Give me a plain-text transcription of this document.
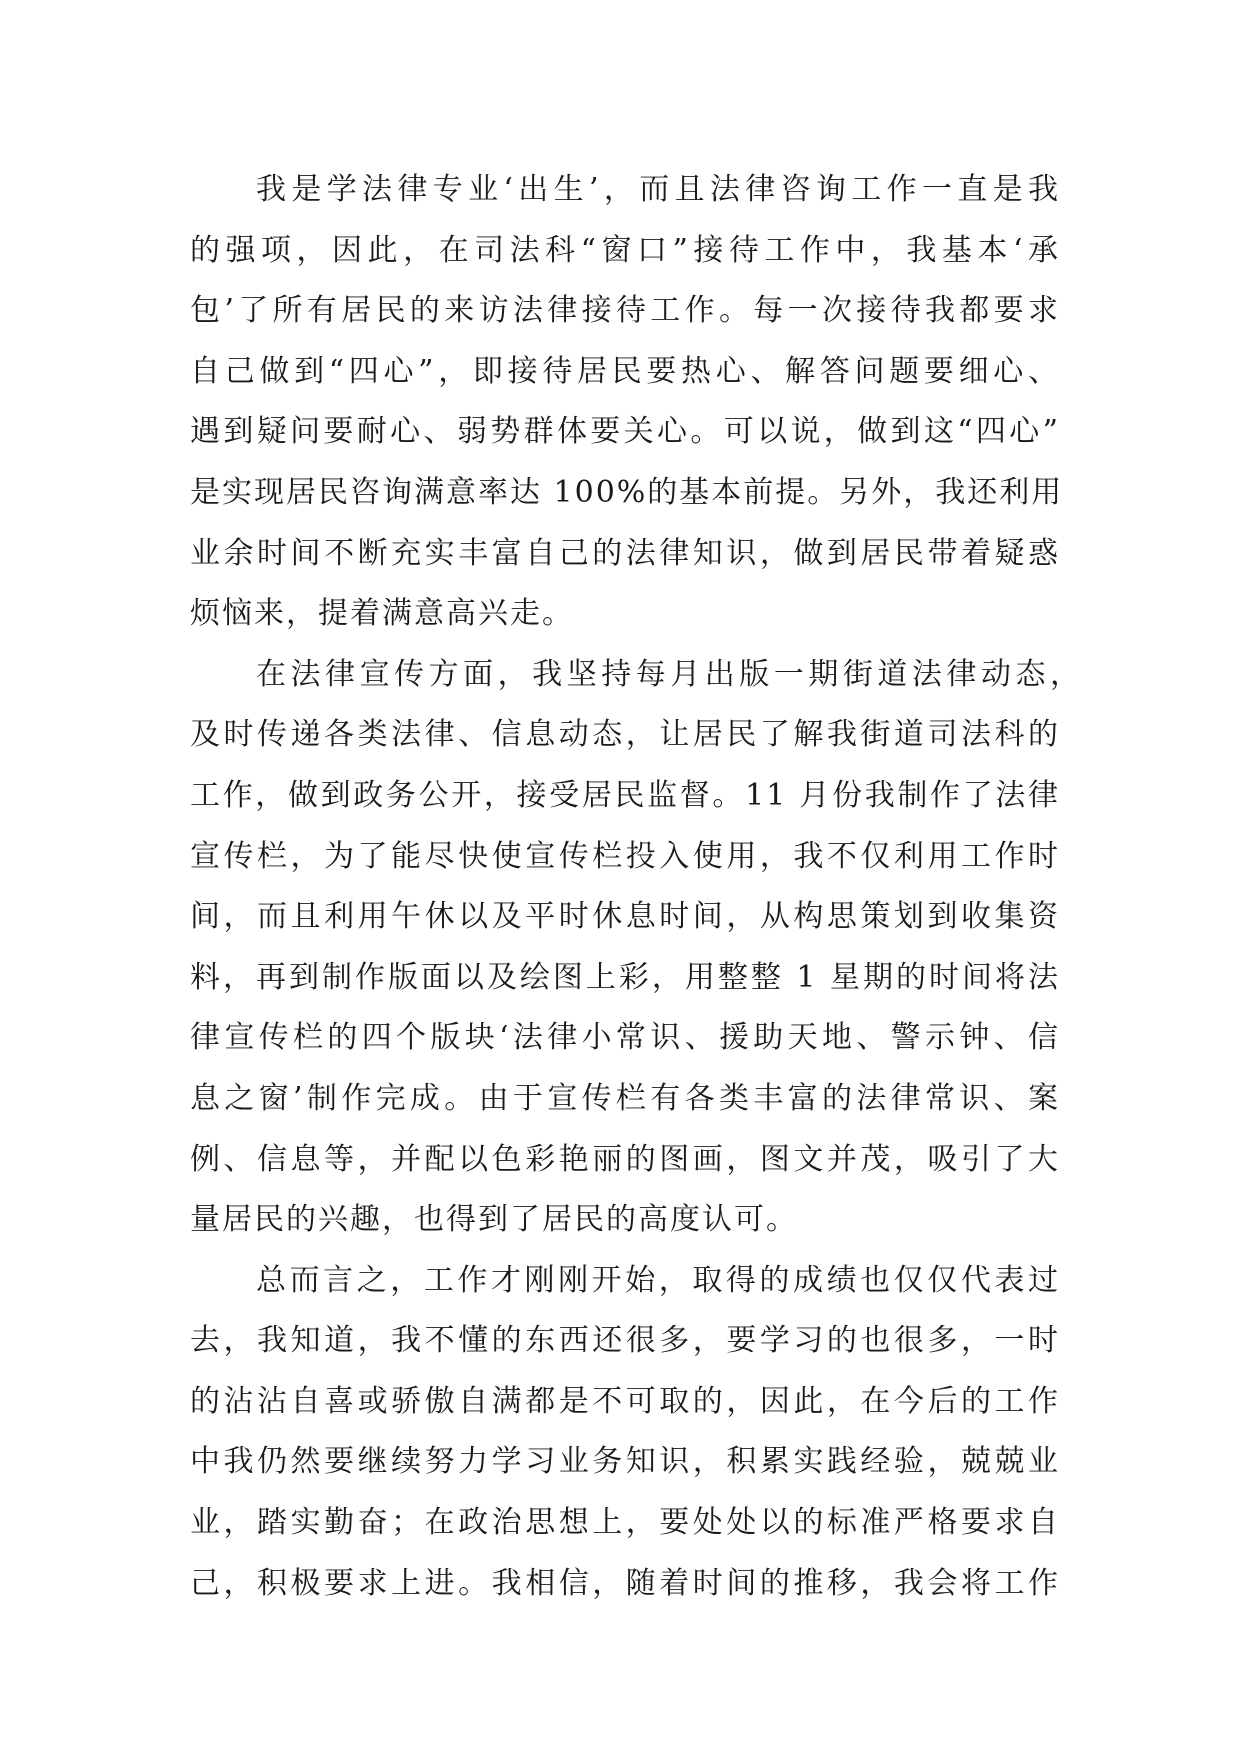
我是学法律专业‘出生’，而且法律咨询工作一直是我
的强项，因此，在司法科“窗口”接待工作中，我基本‘承
包’了所有居民的来访法律接待工作。每一次接待我都要求
自己做到“四心”，即接待居民要热心、解答问题要细心、
遇到疑问要耐心、弱势群体要关心。可以说，做到这“四心”
是实现居民咨询满意率达 100%的基本前提。另外，我还利用
业余时间不断充实丰富自己的法律知识，做到居民带着疑惑
烦恼来，提着满意高兴走。
在法律宣传方面，我坚持每月出版一期街道法律动态，
及时传递各类法律、信息动态，让居民了解我街道司法科的
工作，做到政务公开，接受居民监督。11 月份我制作了法律
宣传栏，为了能尽快使宣传栏投入使用，我不仅利用工作时
间，而且利用午休以及平时休息时间，从构思策划到收集资
料，再到制作版面以及绘图上彩，用整整 1 星期的时间将法
律宣传栏的四个版块‘法律小常识、援助天地、警示钟、信
息之窗’制作完成。由于宣传栏有各类丰富的法律常识、案
例、信息等，并配以色彩艳丽的图画，图文并茂，吸引了大
量居民的兴趣，也得到了居民的高度认可。
总而言之，工作才刚刚开始，取得的成绩也仅仅代表过
去，我知道，我不懂的东西还很多，要学习的也很多，一时
的沾沾自喜或骄傲自满都是不可取的，因此，在今后的工作
中我仍然要继续努力学习业务知识，积累实践经验，兢兢业
业，踏实勤奋；在政治思想上，要处处以的标准严格要求自
己，积极要求上进。我相信，随着时间的推移，我会将工作
